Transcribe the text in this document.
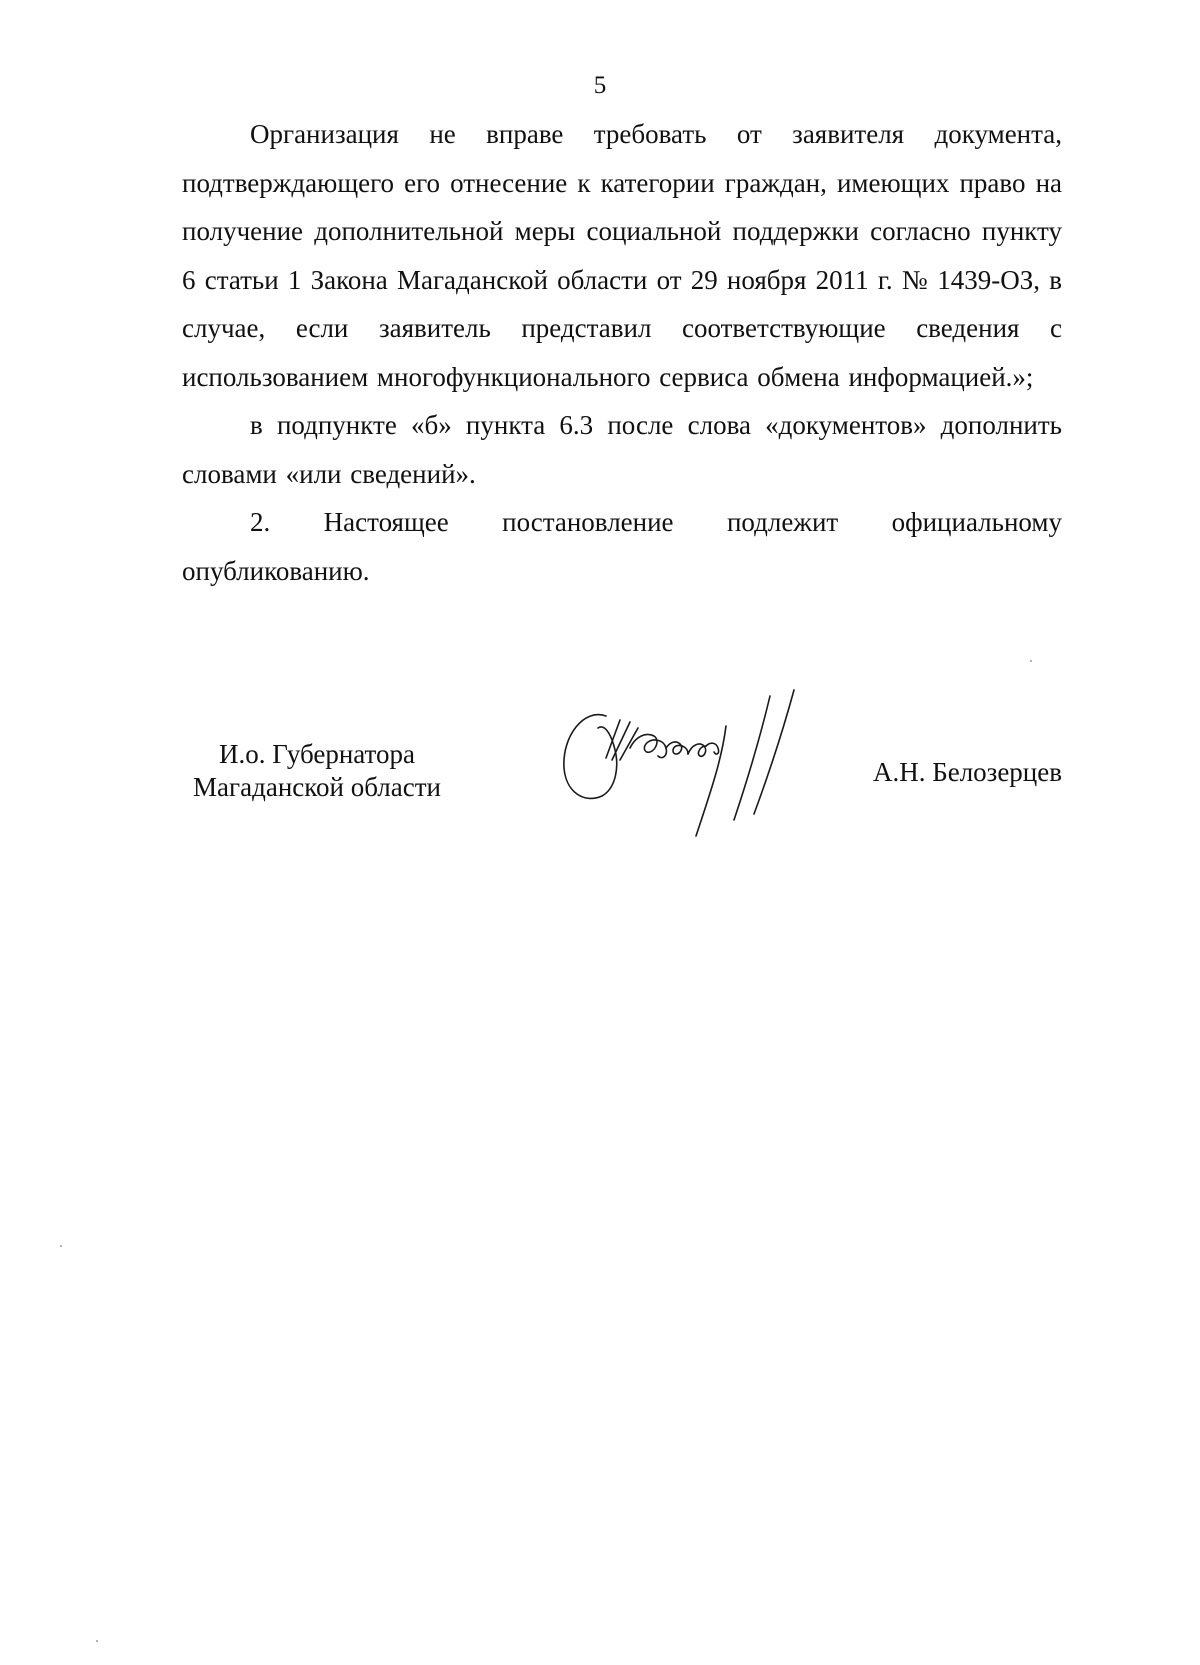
5

Организация не вправе требовать от заявителя документа, подтверждающего его отнесение к категории граждан, имеющих право на получение дополнительной меры социальной поддержки согласно пункту 6 статьи 1 Закона Магаданской области от 29 ноября 2011 г. № 1439-ОЗ, в случае, если заявитель представил соответствующие сведения с использованием многофункционального сервиса обмена информацией.»;

в подпункте «б» пункта 6.3 после слова «документов» дополнить словами «или сведений».

2. Настоящее постановление подлежит официальному опубликованию.

И.о. Губернатора
Магаданской области	А.Н. Белозерцев
